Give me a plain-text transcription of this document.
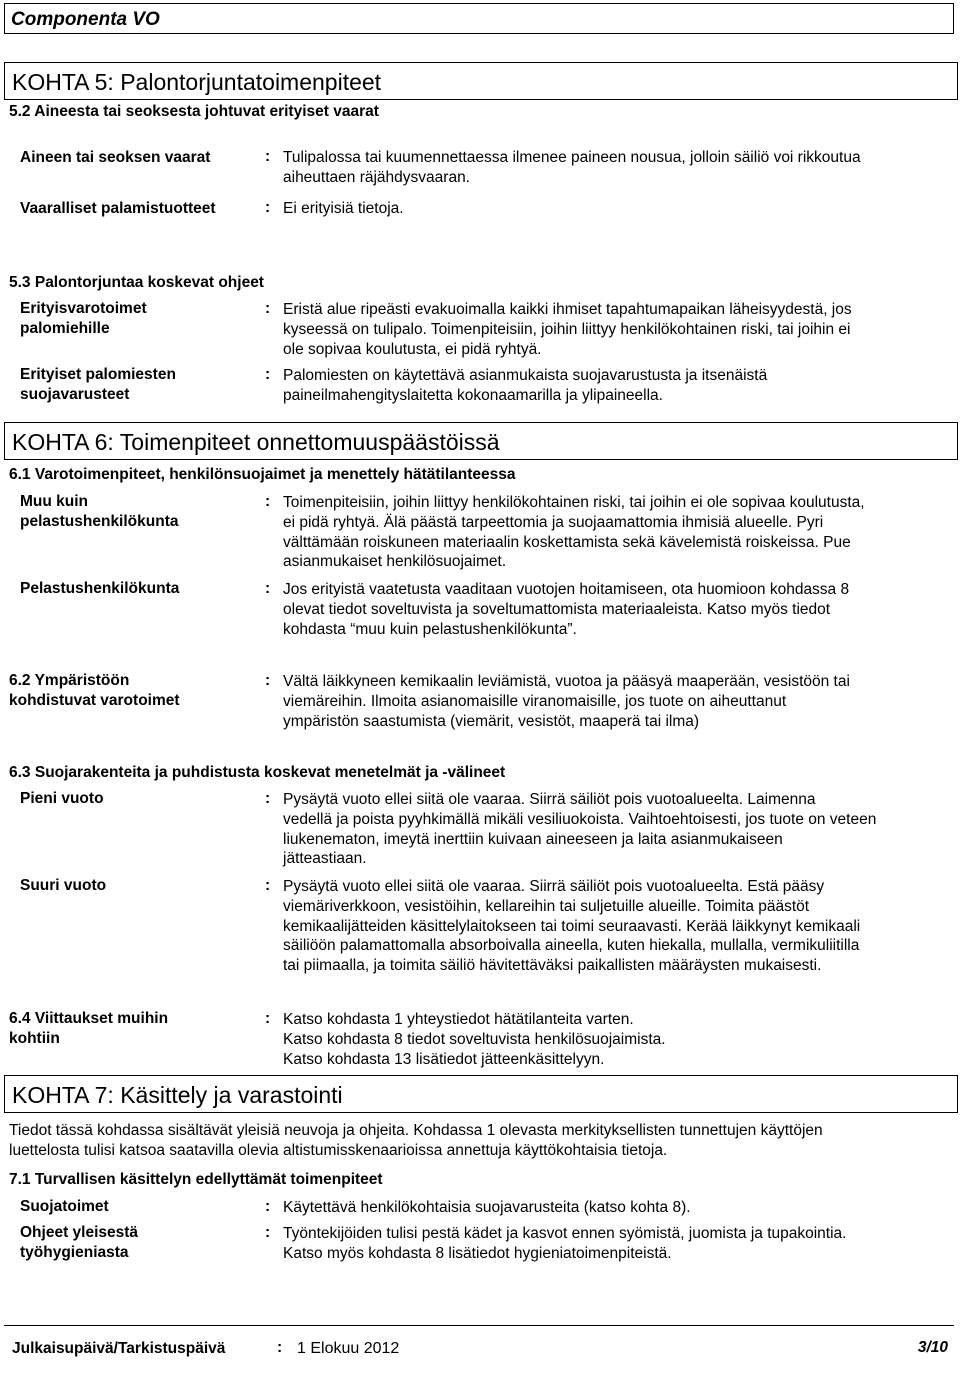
Componenta VO
KOHTA 5: Palontorjuntatoimenpiteet
5.2 Aineesta tai seoksesta johtuvat erityiset vaarat
Aineen tai seoksen vaarat	: Tulipalossa tai kuumennettaessa ilmenee paineen nousua, jolloin säiliö voi rikkoutua
aiheuttaen räjähdysvaaran.
Vaaralliset palamistuotteet	: Ei erityisiä tietoja.
5.3 Palontorjuntaa koskevat ohjeet
Erityisvarotoimet
palomiehille
: Eristä alue ripeästi evakuoimalla kaikki ihmiset tapahtumapaikan läheisyydestä, jos
kyseessä on tulipalo. Toimenpiteisiin, joihin liittyy henkilökohtainen riski, tai joihin ei
ole sopivaa koulutusta, ei pidä ryhtyä.
Erityiset palomiesten
suojavarusteet
: Palomiesten on käytettävä asianmukaista suojavarustusta ja itsenäistä
paineilmahengityslaitetta kokonaamarilla ja ylipaineella.
KOHTA 6: Toimenpiteet onnettomuuspäästöissä
6.1 Varotoimenpiteet, henkilönsuojaimet ja menettely hätätilanteessa
Muu kuin
pelastushenkilökunta
: Toimenpiteisiin, joihin liittyy henkilökohtainen riski, tai joihin ei ole sopivaa koulutusta,
ei pidä ryhtyä. Älä päästä tarpeettomia ja suojaamattomia ihmisiä alueelle. Pyri
välttämään roiskuneen materiaalin koskettamista sekä kävelemistä roiskeissa. Pue
asianmukaiset henkilösuojaimet.
Pelastushenkilökunta	: Jos erityistä vaatetusta vaaditaan vuotojen hoitamiseen, ota huomioon kohdassa 8
olevat tiedot soveltuvista ja soveltumattomista materiaaleista. Katso myös tiedot
kohdasta “muu kuin pelastushenkilökunta”.
6.2 Ympäristöön
kohdistuvat varotoimet
: Vältä läikkyneen kemikaalin leviämistä, vuotoa ja pääsyä maaperään, vesistöön tai
viemäreihin. Ilmoita asianomaisille viranomaisille, jos tuote on aiheuttanut
ympäristön saastumista (viemärit, vesistöt, maaperä tai ilma)
6.3 Suojarakenteita ja puhdistusta koskevat menetelmät ja -välineet
Pieni vuoto	: Pysäytä vuoto ellei siitä ole vaaraa. Siirrä säiliöt pois vuotoalueelta. Laimenna
vedellä ja poista pyyhkimällä mikäli vesiliuokoista. Vaihtoehtoisesti, jos tuote on veteen
liukenematon, imeytä inerttiin kuivaan aineeseen ja laita asianmukaiseen
jätteastiaan.
Suuri vuoto	: Pysäytä vuoto ellei siitä ole vaaraa. Siirrä säiliöt pois vuotoalueelta. Estä pääsy
viemäriverkkoon, vesistöihin, kellareihin tai suljetuille alueille. Toimita päästöt
kemikaalijätteiden käsittelylaitokseen tai toimi seuraavasti. Kerää läikkynyt kemikaali
säiliöön palamattomalla absorboivalla aineella, kuten hiekalla, mullalla, vermikuliitilla
tai piimaalla, ja toimita säiliö hävitettäväksi paikallisten määräysten mukaisesti.
6.4 Viittaukset muihin
kohtiin
: Katso kohdasta 1 yhteystiedot hätätilanteita varten.
Katso kohdasta 8 tiedot soveltuvista henkilösuojaimista.
Katso kohdasta 13 lisätiedot jätteenkäsittelyyn.
KOHTA 7: Käsittely ja varastointi
Tiedot tässä kohdassa sisältävät yleisiä neuvoja ja ohjeita. Kohdassa 1 olevasta merkityksellisten tunnettujen käyttöjen
luettelosta tulisi katsoa saatavilla olevia altistumisskenaarioissa annettuja käyttökohtaisia tietoja.
7.1 Turvallisen käsittelyn edellyttämät toimenpiteet
Suojatoimet	: Käytettävä henkilökohtaisia suojavarusteita (katso kohta 8).
Ohjeet yleisestä
työhygieniasta
: Työntekijöiden tulisi pestä kädet ja kasvot ennen syömistä, juomista ja tupakointia.
Katso myös kohdasta 8 lisätiedot hygieniatoimenpiteistä.
Julkaisupäivä/Tarkistuspäivä	: 1 Elokuu 2012	3/10
